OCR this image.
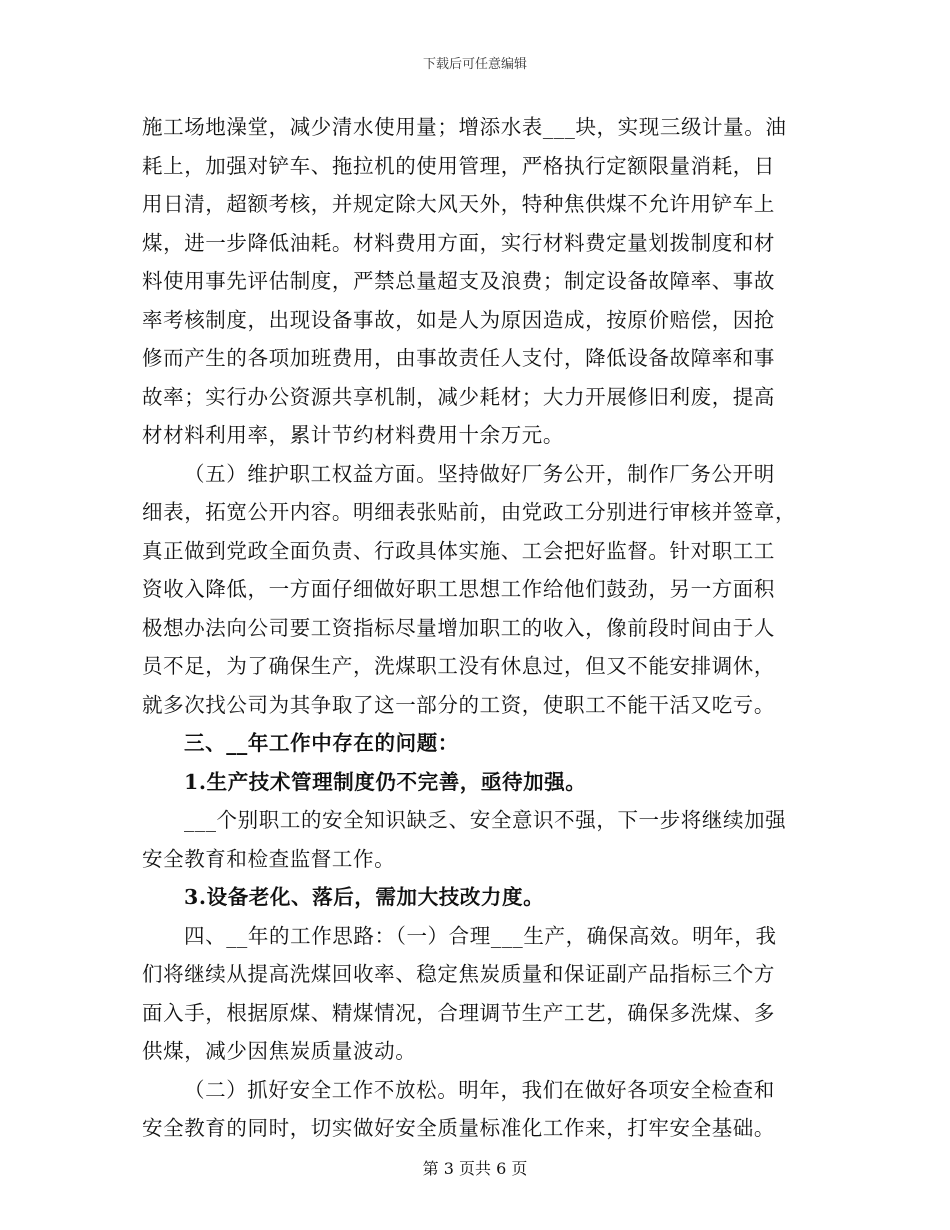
下载后可任意编辑
施工场地澡堂，减少清水使用量；增添水表___块，实现三级计量。油
耗上，加强对铲车、拖拉机的使用管理，严格执行定额限量消耗，日
用日清，超额考核，并规定除大风天外，特种焦供煤不允许用铲车上
煤，进一步降低油耗。材料费用方面，实行材料费定量划拨制度和材
料使用事先评估制度，严禁总量超支及浪费；制定设备故障率、事故
率考核制度，出现设备事故，如是人为原因造成，按原价赔偿，因抢
修而产生的各项加班费用，由事故责任人支付，降低设备故障率和事
故率；实行办公资源共享机制，减少耗材；大力开展修旧利废，提高
材材料利用率，累计节约材料费用十余万元。
（五）维护职工权益方面。坚持做好厂务公开，制作厂务公开明
细表，拓宽公开内容。明细表张贴前，由党政工分别进行审核并签章，
真正做到党政全面负责、行政具体实施、工会把好监督。针对职工工
资收入降低，一方面仔细做好职工思想工作给他们鼓劲，另一方面积
极想办法向公司要工资指标尽量增加职工的收入，像前段时间由于人
员不足，为了确保生产，洗煤职工没有休息过，但又不能安排调休，
就多次找公司为其争取了这一部分的工资，使职工不能干活又吃亏。
三、__年工作中存在的问题：
1.生产技术管理制度仍不完善，亟待加强。
___个别职工的安全知识缺乏、安全意识不强，下一步将继续加强
安全教育和检查监督工作。
3.设备老化、落后，需加大技改力度。
四、__年的工作思路：（一）合理___生产，确保高效。明年，我
们将继续从提高洗煤回收率、稳定焦炭质量和保证副产品指标三个方
面入手，根据原煤、精煤情况，合理调节生产工艺，确保多洗煤、多
供煤，减少因焦炭质量波动。
（二）抓好安全工作不放松。明年，我们在做好各项安全检查和
安全教育的同时，切实做好安全质量标准化工作来，打牢安全基础。
第 3 页共 6 页
